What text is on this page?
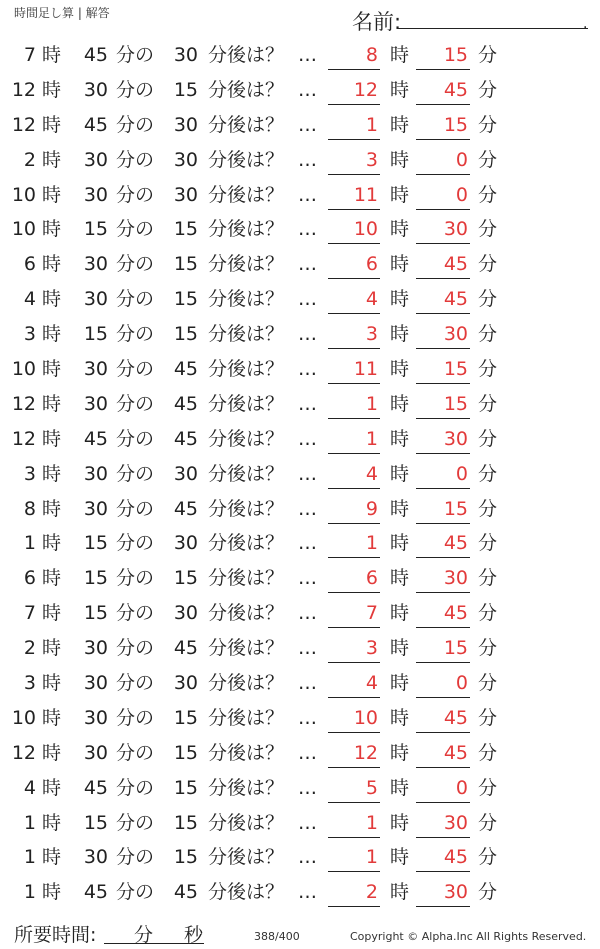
時間足し算 | 解答	名前:	.
7 時	45 分の	30 分後は？ …	8 時	15 分
12 時	30 分の	15 分後は？ …	12 時	45 分
12 時	45 分の	30 分後は？ …	1 時	15 分
2 時	30 分の	30 分後は？ …	3 時	0 分
10 時	30 分の	30 分後は？ …	11 時	0 分
10 時	15 分の	15 分後は？ …	10 時	30 分
6 時	30 分の	15 分後は？ …	6 時	45 分
4 時	30 分の	15 分後は？ …	4 時	45 分
3 時	15 分の	15 分後は？ …	3 時	30 分
10 時	30 分の	45 分後は？ …	11 時	15 分
12 時	30 分の	45 分後は？ …	1 時	15 分
12 時	45 分の	45 分後は？ …	1 時	30 分
3 時	30 分の	30 分後は？ …	4 時	0 分
8 時	30 分の	45 分後は？ …	9 時	15 分
1 時	15 分の	30 分後は？ …	1 時	45 分
6 時	15 分の	15 分後は？ …	6 時	30 分
7 時	15 分の	30 分後は？ …	7 時	45 分
2 時	30 分の	45 分後は？ …	3 時	15 分
3 時	30 分の	30 分後は？ …	4 時	0 分
10 時	30 分の	15 分後は？ …	10 時	45 分
12 時	30 分の	15 分後は？ …	12 時	45 分
4 時	45 分の	15 分後は？ …	5 時	0 分
1 時	15 分の	15 分後は？ …	1 時	30 分
1 時	30 分の	15 分後は？ …	1 時	45 分
1 時	45 分の	45 分後は？ …	2 時	30 分
所要時間: 分 秒	388/400	Copyright © Alpha.Inc All Rights Reserved.
